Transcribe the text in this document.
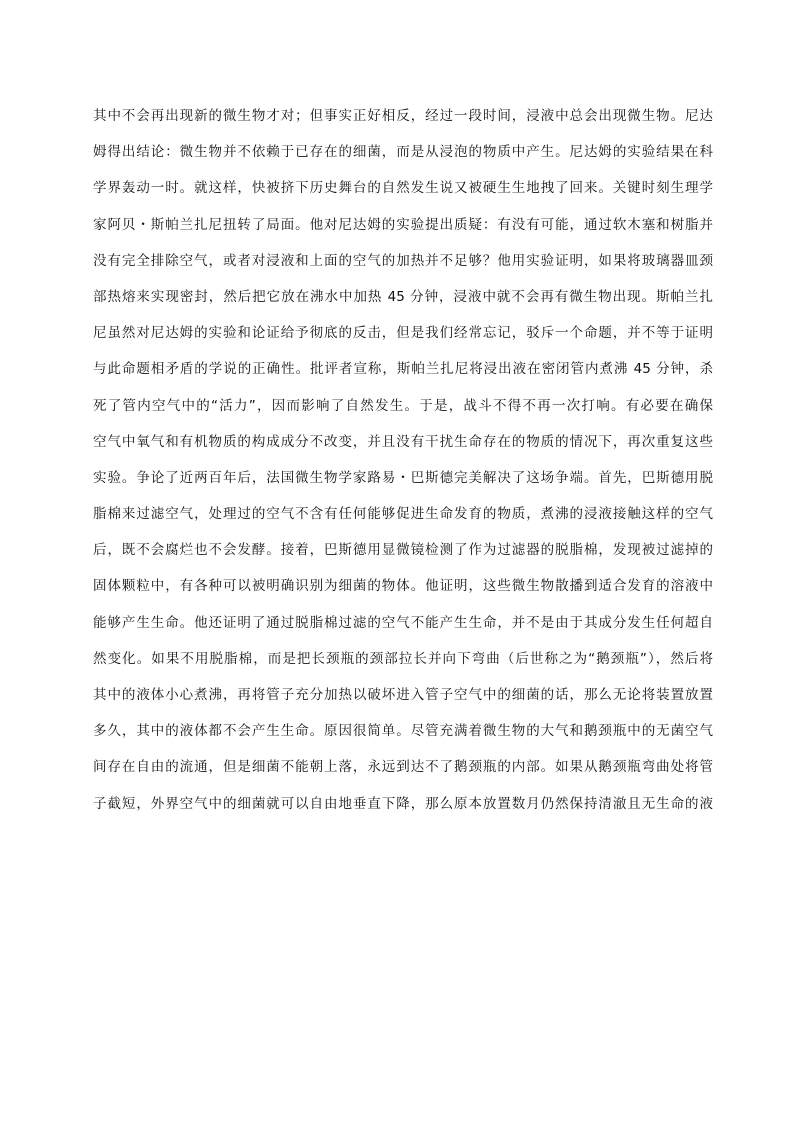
其中不会再出现新的微生物才对；但事实正好相反，经过一段时间，浸液中总会出现微生物。尼达
姆得出结论：微生物并不依赖于已存在的细菌，而是从浸泡的物质中产生。尼达姆的实验结果在科
学界轰动一时。就这样，快被挤下历史舞台的自然发生说又被硬生生地拽了回来。关键时刻生理学
家阿贝・斯帕兰扎尼扭转了局面。他对尼达姆的实验提出质疑：有没有可能，通过软木塞和树脂并
没有完全排除空气，或者对浸液和上面的空气的加热并不足够？他用实验证明，如果将玻璃器皿颈
部热熔来实现密封，然后把它放在沸水中加热 45 分钟，浸液中就不会再有微生物出现。斯帕兰扎
尼虽然对尼达姆的实验和论证给予彻底的反击，但是我们经常忘记，驳斥一个命题，并不等于证明
与此命题相矛盾的学说的正确性。批评者宣称，斯帕兰扎尼将浸出液在密闭管内煮沸 45 分钟，杀
死了管内空气中的“活力”，因而影响了自然发生。于是，战斗不得不再一次打响。有必要在确保
空气中氧气和有机物质的构成成分不改变，并且没有干扰生命存在的物质的情况下，再次重复这些
实验。争论了近两百年后，法国微生物学家路易・巴斯德完美解决了这场争端。首先，巴斯德用脱
脂棉来过滤空气，处理过的空气不含有任何能够促进生命发育的物质，煮沸的浸液接触这样的空气
后，既不会腐烂也不会发酵。接着，巴斯德用显微镜检测了作为过滤器的脱脂棉，发现被过滤掉的
固体颗粒中，有各种可以被明确识别为细菌的物体。他证明，这些微生物散播到适合发育的溶液中
能够产生生命。他还证明了通过脱脂棉过滤的空气不能产生生命，并不是由于其成分发生任何超自
然变化。如果不用脱脂棉，而是把长颈瓶的颈部拉长并向下弯曲（后世称之为“鹅颈瓶”），然后将
其中的液体小心煮沸，再将管子充分加热以破坏进入管子空气中的细菌的话，那么无论将装置放置
多久，其中的液体都不会产生生命。原因很简单。尽管充满着微生物的大气和鹅颈瓶中的无菌空气
间存在自由的流通，但是细菌不能朝上落，永远到达不了鹅颈瓶的内部。如果从鹅颈瓶弯曲处将管
子截短，外界空气中的细菌就可以自由地垂直下降，那么原本放置数月仍然保持清澈且无生命的液
